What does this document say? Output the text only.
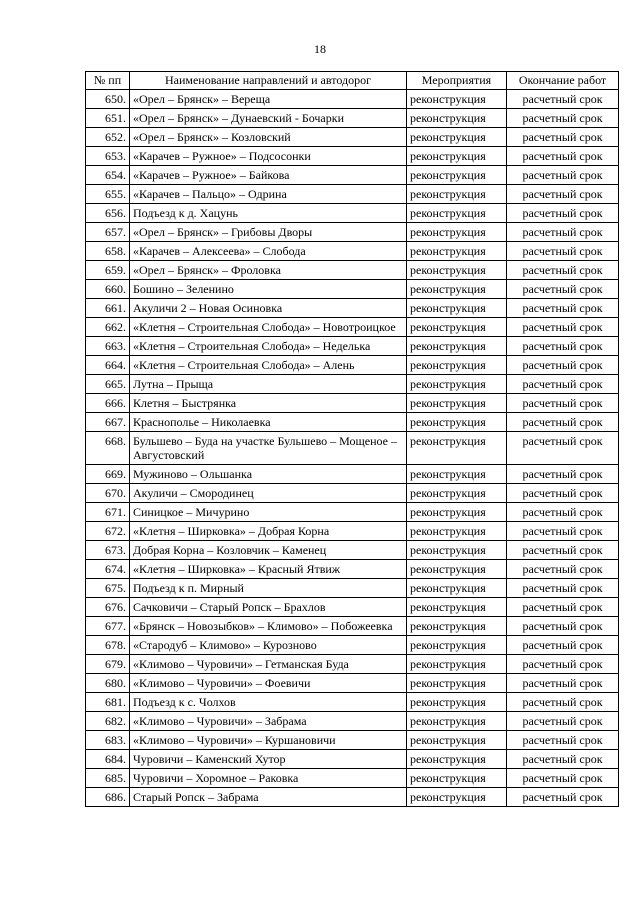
18
№ пп	Наименование направлений и автодорог	Мероприятия	Окончание работ
650.	«Орел – Брянск» – Вереща	реконструкция	расчетный срок
651.	«Орел – Брянск» – Дунаевский - Бочарки	реконструкция	расчетный срок
652.	«Орел – Брянск» – Козловский	реконструкция	расчетный срок
653.	«Карачев – Ружное» – Подсосонки	реконструкция	расчетный срок
654.	«Карачев – Ружное» – Байкова	реконструкция	расчетный срок
655.	«Карачев – Пальцо» – Одрина	реконструкция	расчетный срок
656.	Подъезд к д. Хацунь	реконструкция	расчетный срок
657.	«Орел – Брянск» – Грибовы Дворы	реконструкция	расчетный срок
658.	«Карачев – Алексеева» – Слобода	реконструкция	расчетный срок
659.	«Орел – Брянск» – Фроловка	реконструкция	расчетный срок
660.	Бошино – Зеленино	реконструкция	расчетный срок
661.	Акуличи 2 – Новая Осиновка	реконструкция	расчетный срок
662.	«Клетня – Строительная Слобода» – Новотроицкое	реконструкция	расчетный срок
663.	«Клетня – Строительная Слобода» – Неделька	реконструкция	расчетный срок
664.	«Клетня – Строительная Слобода» – Алень	реконструкция	расчетный срок
665.	Лутна – Прыща	реконструкция	расчетный срок
666.	Клетня – Быстрянка	реконструкция	расчетный срок
667.	Краснополье – Николаевка	реконструкция	расчетный срок
668.	Бульшево – Буда на участке Бульшево – Мощеное – Августовский	реконструкция	расчетный срок
669.	Мужиново – Ольшанка	реконструкция	расчетный срок
670.	Акуличи – Смородинец	реконструкция	расчетный срок
671.	Синицкое – Мичурино	реконструкция	расчетный срок
672.	«Клетня – Ширковка» – Добрая Корна	реконструкция	расчетный срок
673.	Добрая Корна – Козловчик – Каменец	реконструкция	расчетный срок
674.	«Клетня – Ширковка» – Красный Ятвиж	реконструкция	расчетный срок
675.	Подъезд к п. Мирный	реконструкция	расчетный срок
676.	Сачковичи – Старый Ропск – Брахлов	реконструкция	расчетный срок
677.	«Брянск – Новозыбков» – Климово» – Побожеевка	реконструкция	расчетный срок
678.	«Стародуб – Климово» – Курозново	реконструкция	расчетный срок
679.	«Климово – Чуровичи» – Гетманская Буда	реконструкция	расчетный срок
680.	«Климово – Чуровичи» – Фоевичи	реконструкция	расчетный срок
681.	Подъезд к с. Чолхов	реконструкция	расчетный срок
682.	«Климово – Чуровичи» – Забрама	реконструкция	расчетный срок
683.	«Климово – Чуровичи» – Куршановичи	реконструкция	расчетный срок
684.	Чуровичи – Каменский Хутор	реконструкция	расчетный срок
685.	Чуровичи – Хоромное – Раковка	реконструкция	расчетный срок
686.	Старый Ропск – Забрама	реконструкция	расчетный срок
